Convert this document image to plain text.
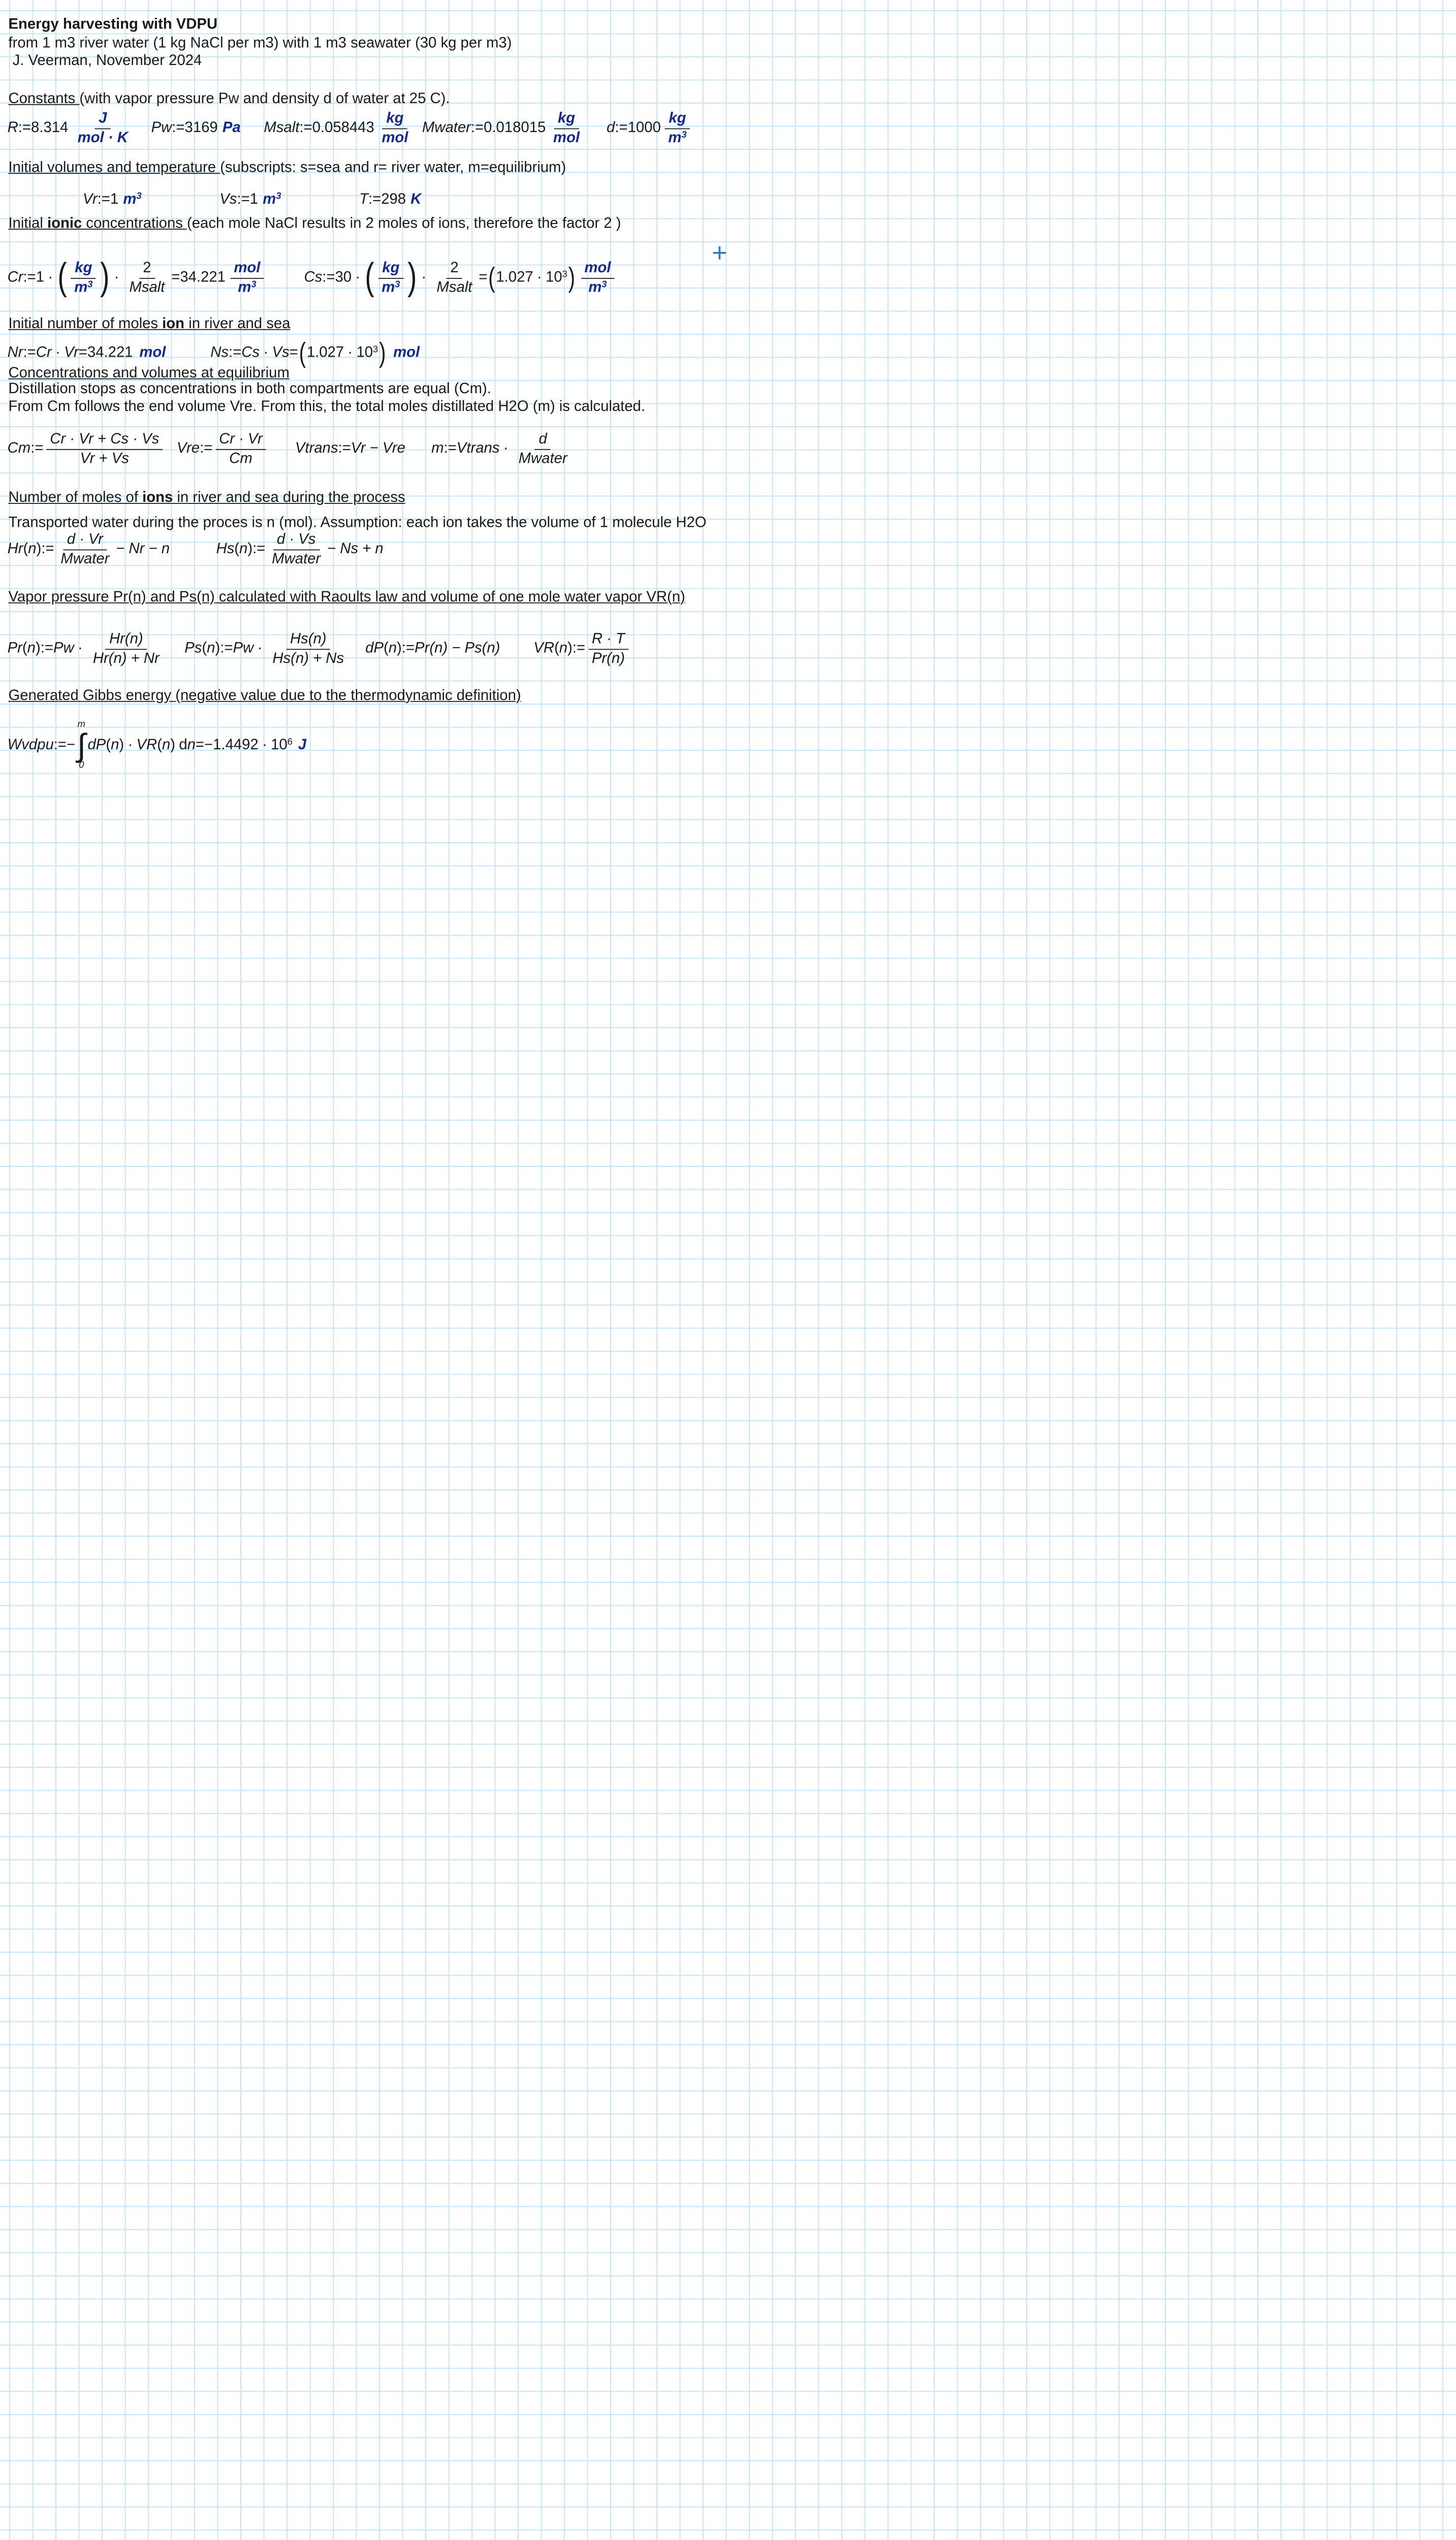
Energy harvesting with VDPU
from 1 m3 river water (1 kg NaCl per m3) with 1 m3 seawater (30 kg per m3)
J. Veerman, November 2024
Constants (with vapor pressure Pw and density d of water at 25 C).
R := $8.314 \frac{J}{\text{mol · K}}$ Pw := 3169 Pa	Msalt := $0.058443 \frac{kg}{\text{mol}}$ Mwater := $0.018015 \frac{kg}{\text{mol}}$	d := $1000 \frac{kg}{m^3}$
Initial volumes and temperature (subscripts: s=sea and r= river water, m=equilibrium)
Vr := 1 $m^3$	Vs := 1 $m^3$	T := 298 K
Initial ionic concentrations (each mole NaCl results in 2 moles of ions, therefore the factor 2 )
Cr := 1 · ( $\frac{kg}{m^3}$ ) · $\frac{2}{\text{Msalt}} = 34.221 \frac{\text{mol}}{m^3}$	Cs := 30 · ( $\frac{kg}{m^3}$ ) · $\frac{2}{\text{Msalt}}$ = ( $1.027 \cdot 10^3$ ) $\frac{\text{mol}}{m^3}$
Initial number of moles ion in river and sea
Nr := Cr · Vr = 34.221 mol	Ns := Cs · Vs = ( $1.027 \cdot 10^3$ ) mol
Concentrations and volumes at equilibrium
Distillation stops as concentrations in both compartments are equal (Cm).
From Cm follows the end volume Vre. From this, the total moles distillated H2O (m) is calculated.
Cm := $\frac{Cr \cdot Vr + Cs \cdot Vs}{Vr + Vs}$ Vre := $\frac{Cr \cdot Vr}{Cm}$	Vtrans := Vr − Vre	m := Vtrans · $\frac{d}{\text{Mwater}}$
Number of moles of ions in river and sea during the process
Transported water during the proces is n (mol). Assumption: each ion takes the volume of 1 molecule H2O
Hr ( n ) := $\frac{d \cdot Vr}{\text{Mwater}} - Nr - n$	Hs ( n ) := $\frac{d \cdot Vs}{\text{Mwater}} - Ns + n$
Vapor pressure Pr(n) and Ps(n) calculated with Raoults law and volume of one mole water vapor VR(n)
Pr ( n ) := $Pw \cdot \frac{Hr(n)}{Hr(n) + Nr}$	Ps ( n ) := $Pw \cdot \frac{Hs(n)}{Hs(n) + Ns}$ dP ( n ) := Pr(n) − Ps(n)	VR ( n ) := $\frac{R \cdot T}{Pr(n)}$
Generated Gibbs energy (negative value due to the thermodynamic definition)
Wvdpu := −
m
∫
0
dP ( n ) · VR ( n ) d $n = -1.4492 \cdot 10^6$ J
